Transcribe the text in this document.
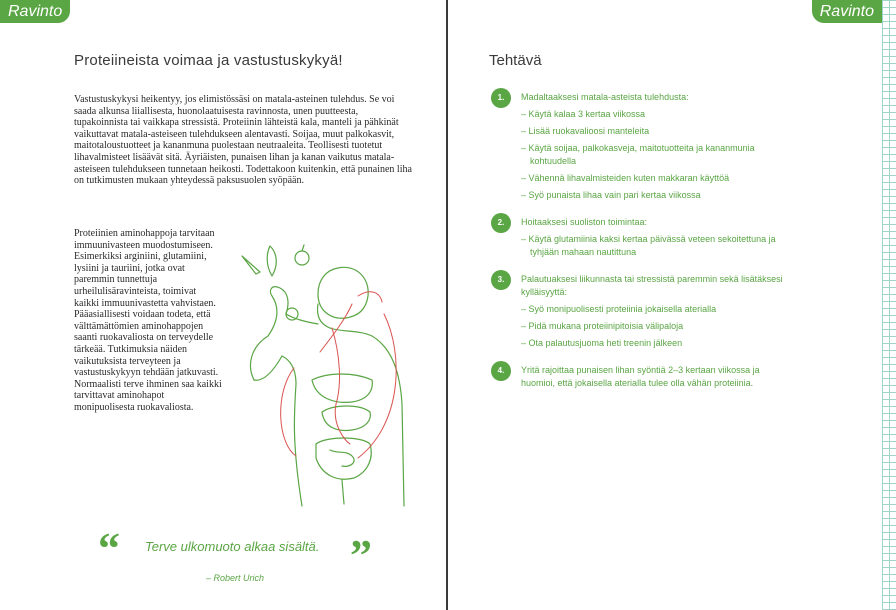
Ravinto
Proteiineista voimaa ja vastustuskykyä!

Vastustuskykysi heikentyy, jos elimistössäsi on matala-asteinen tulehdus. Se voi saada alkunsa liiallisesta, huonolaatuisesta ravinnosta, unen puutteesta, tupakoinnista tai vaikkapa stressistä. Proteiinin lähteistä kala, manteli ja pähkinät vaikuttavat matala-asteiseen tulehdukseen alentavasti. Soijaa, muut palkokasvit, maitotaloustuotteet ja kananmuna puolestaan neutraaleita. Teollisesti tuotetut lihavalmisteet lisäävät sitä. Äyriäisten, punaisen lihan ja kanan vaikutus matala-asteiseen tulehdukseen tunnetaan heikosti. Todettakoon kuitenkin, että punainen liha on tutkimusten mukaan yhteydessä paksusuolen syöpään.

Proteiinien aminohappoja tarvitaan immuunivasteen muodostumiseen. Esimerkiksi arginiini, glutamiini, lysiini ja tauriini, jotka ovat paremmin tunnettuja urheilulisäravinteista, toimivat kaikki immuunivastetta vahvistaen. Pääasiallisesti voidaan todeta, että välttämättömien aminohappojen saanti ruokavaliosta on terveydelle tärkeää. Tutkimuksia näiden vaikutuksista terveyteen ja vastustuskykyyn tehdään jatkuvasti. Normaalisti terve ihminen saa kaikki tarvittavat aminohapot monipuolisesta ruokavaliosta.

“ Terve ulkomuoto alkaa sisältä. ”
– Robert Urich
Ravinto
Tehtävä
1.	Madaltaaksesi matala-asteista tulehdusta:
– Käytä kalaa 3 kertaa viikossa
– Lisää ruokavalioosi manteleita
– Käytä soijaa, palkokasveja, maitotuotteita ja kananmunia kohtuudella
– Vähennä lihavalmisteiden kuten makkaran käyttöä
– Syö punaista lihaa vain pari kertaa viikossa
2.	Hoitaaksesi suoliston toimintaa:
– Käytä glutamiinia kaksi kertaa päivässä veteen sekoitettuna ja tyhjään mahaan nautittuna
3.	Palautuaksesi liikunnasta tai stressistä paremmin sekä lisätäksesi kylläisyyttä:
– Syö monipuolisesti proteiinia jokaisella aterialla
– Pidä mukana proteiinipitoisia välipaloja
– Ota palautusjuoma heti treenin jälkeen
4.	Yritä rajoittaa punaisen lihan syöntiä 2–3 kertaan viikossa ja huomioi, että jokaisella aterialla tulee olla vähän proteiinia.
